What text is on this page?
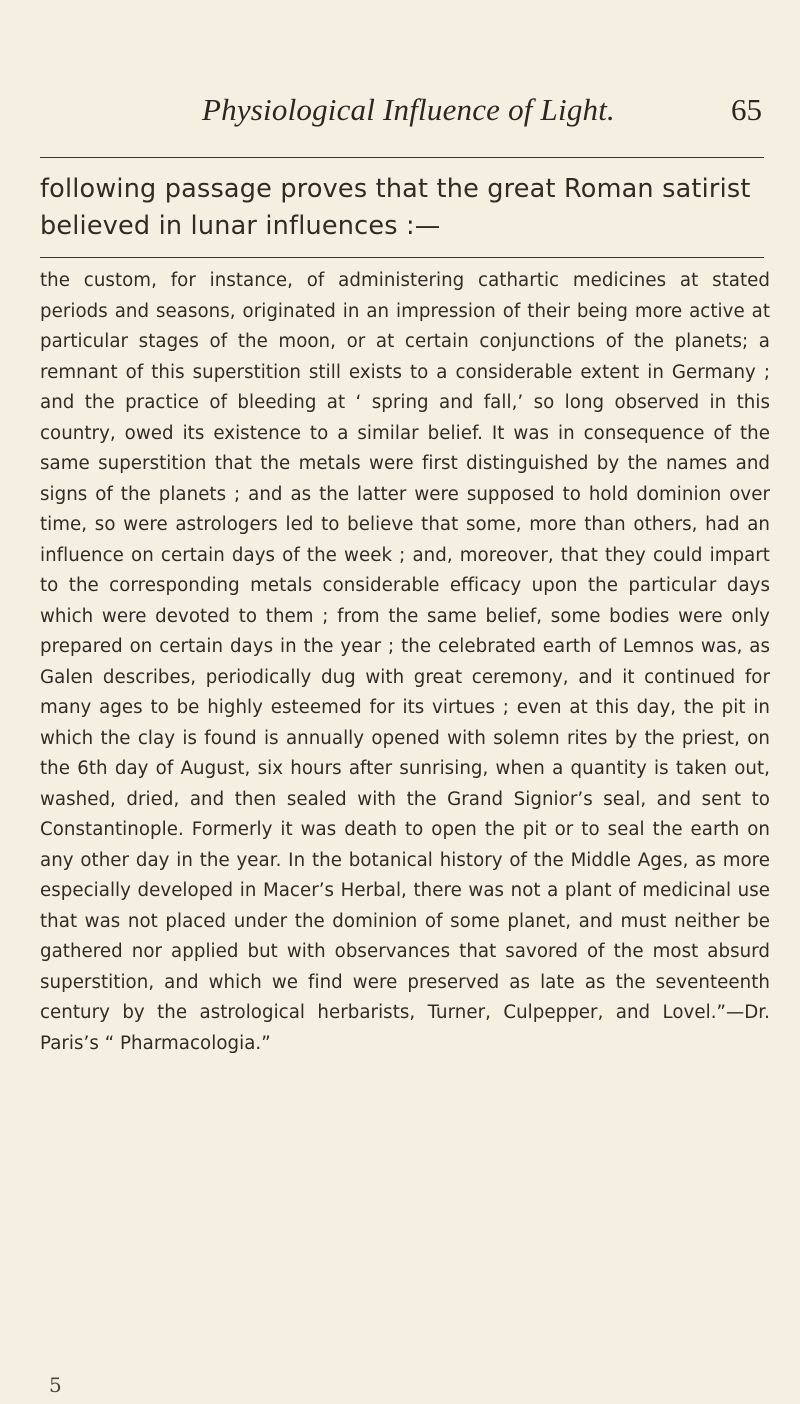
Physiological Influence of Light.	65
following passage proves that the great Roman satirist believed in lunar influences :—
the custom, for instance, of administering cathartic medicines at stated periods and seasons, originated in an impression of their being more active at particular stages of the moon, or at certain conjunctions of the planets; a remnant of this superstition still exists to a considerable extent in Germany ; and the practice of bleeding at ‘ spring and fall,’ so long observed in this country, owed its existence to a similar belief. It was in consequence of the same superstition that the metals were first distinguished by the names and signs of the planets ; and as the latter were supposed to hold dominion over time, so were astrologers led to believe that some, more than others, had an influence on certain days of the week ; and, moreover, that they could impart to the corresponding metals considerable efficacy upon the particular days which were devoted to them ; from the same belief, some bodies were only prepared on certain days in the year ; the celebrated earth of Lemnos was, as Galen describes, periodically dug with great ceremony, and it continued for many ages to be highly esteemed for its virtues ; even at this day, the pit in which the clay is found is annually opened with solemn rites by the priest, on the 6th day of August, six hours after sunrising, when a quantity is taken out, washed, dried, and then sealed with the Grand Signior’s seal, and sent to Constantinople. Formerly it was death to open the pit or to seal the earth on any other day in the year. In the botanical history of the Middle Ages, as more especially developed in Macer’s Herbal, there was not a plant of medicinal use that was not placed under the dominion of some planet, and must neither be gathered nor applied but with observances that savored of the most absurd superstition, and which we find were preserved as late as the seventeenth century by the astrological herbarists, Turner, Culpepper, and Lovel.”—Dr. Paris’s “ Pharmacologia.”
5
